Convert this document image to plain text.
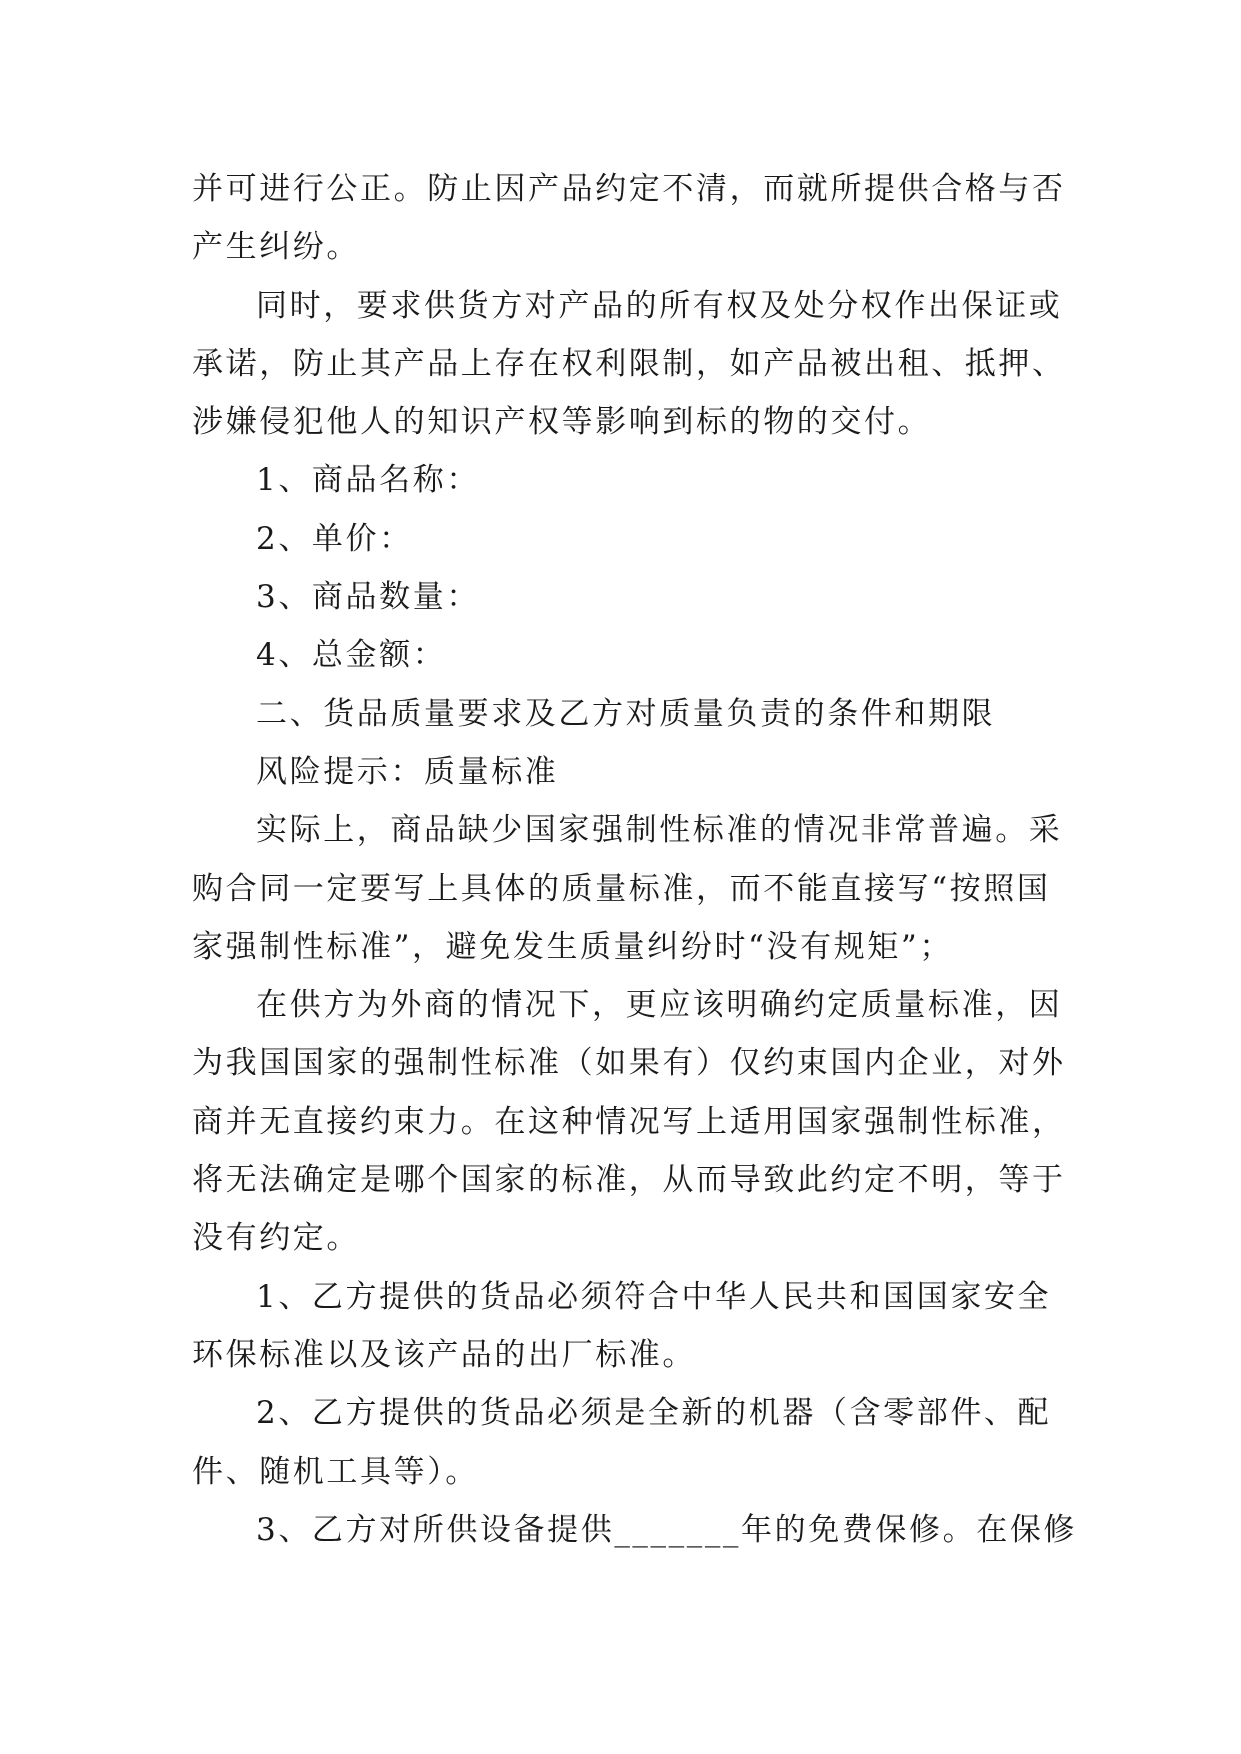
并可进行公正。防止因产品约定不清，而就所提供合格与否
产生纠纷。
同时，要求供货方对产品的所有权及处分权作出保证或
承诺，防止其产品上存在权利限制，如产品被出租、抵押、
涉嫌侵犯他人的知识产权等影响到标的物的交付。
1、商品名称：
2、单价：
3、商品数量：
4、总金额：
二、货品质量要求及乙方对质量负责的条件和期限
风险提示：质量标准
实际上，商品缺少国家强制性标准的情况非常普遍。采
购合同一定要写上具体的质量标准，而不能直接写“按照国
家强制性标准”，避免发生质量纠纷时“没有规矩”；
在供方为外商的情况下，更应该明确约定质量标准，因
为我国国家的强制性标准（如果有）仅约束国内企业，对外
商并无直接约束力。在这种情况写上适用国家强制性标准，
将无法确定是哪个国家的标准，从而导致此约定不明，等于
没有约定。
1、乙方提供的货品必须符合中华人民共和国国家安全
环保标准以及该产品的出厂标准。
2、乙方提供的货品必须是全新的机器（含零部件、配
件、随机工具等）。
3、乙方对所供设备提供_______年的免费保修。在保修
